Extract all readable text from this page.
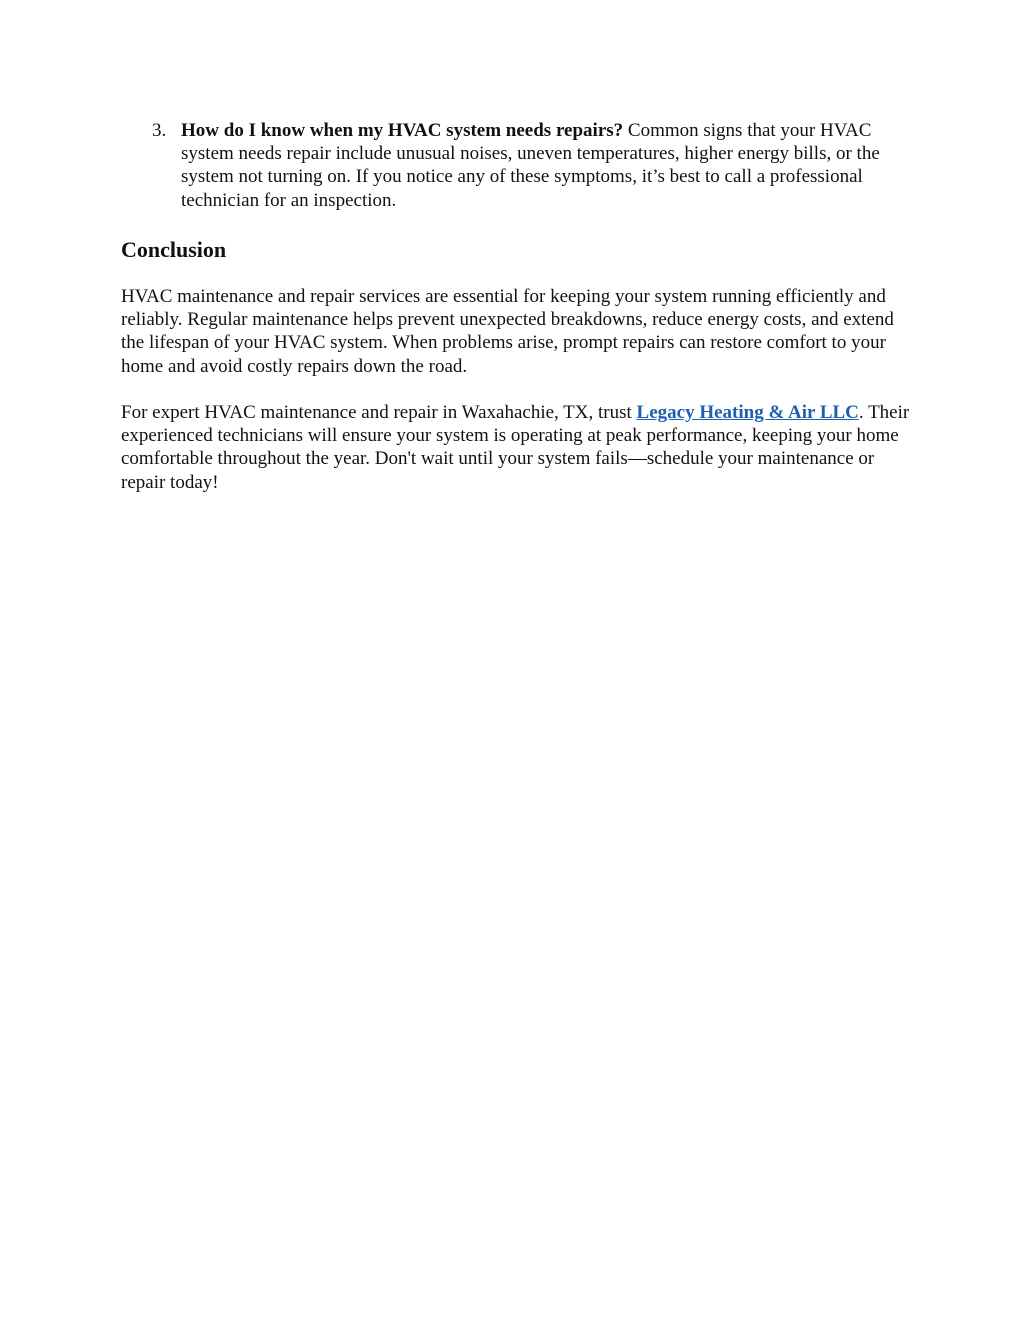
3. How do I know when my HVAC system needs repairs? Common signs that your HVAC system needs repair include unusual noises, uneven temperatures, higher energy bills, or the system not turning on. If you notice any of these symptoms, it’s best to call a professional technician for an inspection.
Conclusion

HVAC maintenance and repair services are essential for keeping your system running efficiently and reliably. Regular maintenance helps prevent unexpected breakdowns, reduce energy costs, and extend the lifespan of your HVAC system. When problems arise, prompt repairs can restore comfort to your home and avoid costly repairs down the road.

For expert HVAC maintenance and repair in Waxahachie, TX, trust Legacy Heating & Air LLC. Their experienced technicians will ensure your system is operating at peak performance, keeping your home comfortable throughout the year. Don't wait until your system fails—schedule your maintenance or repair today!
